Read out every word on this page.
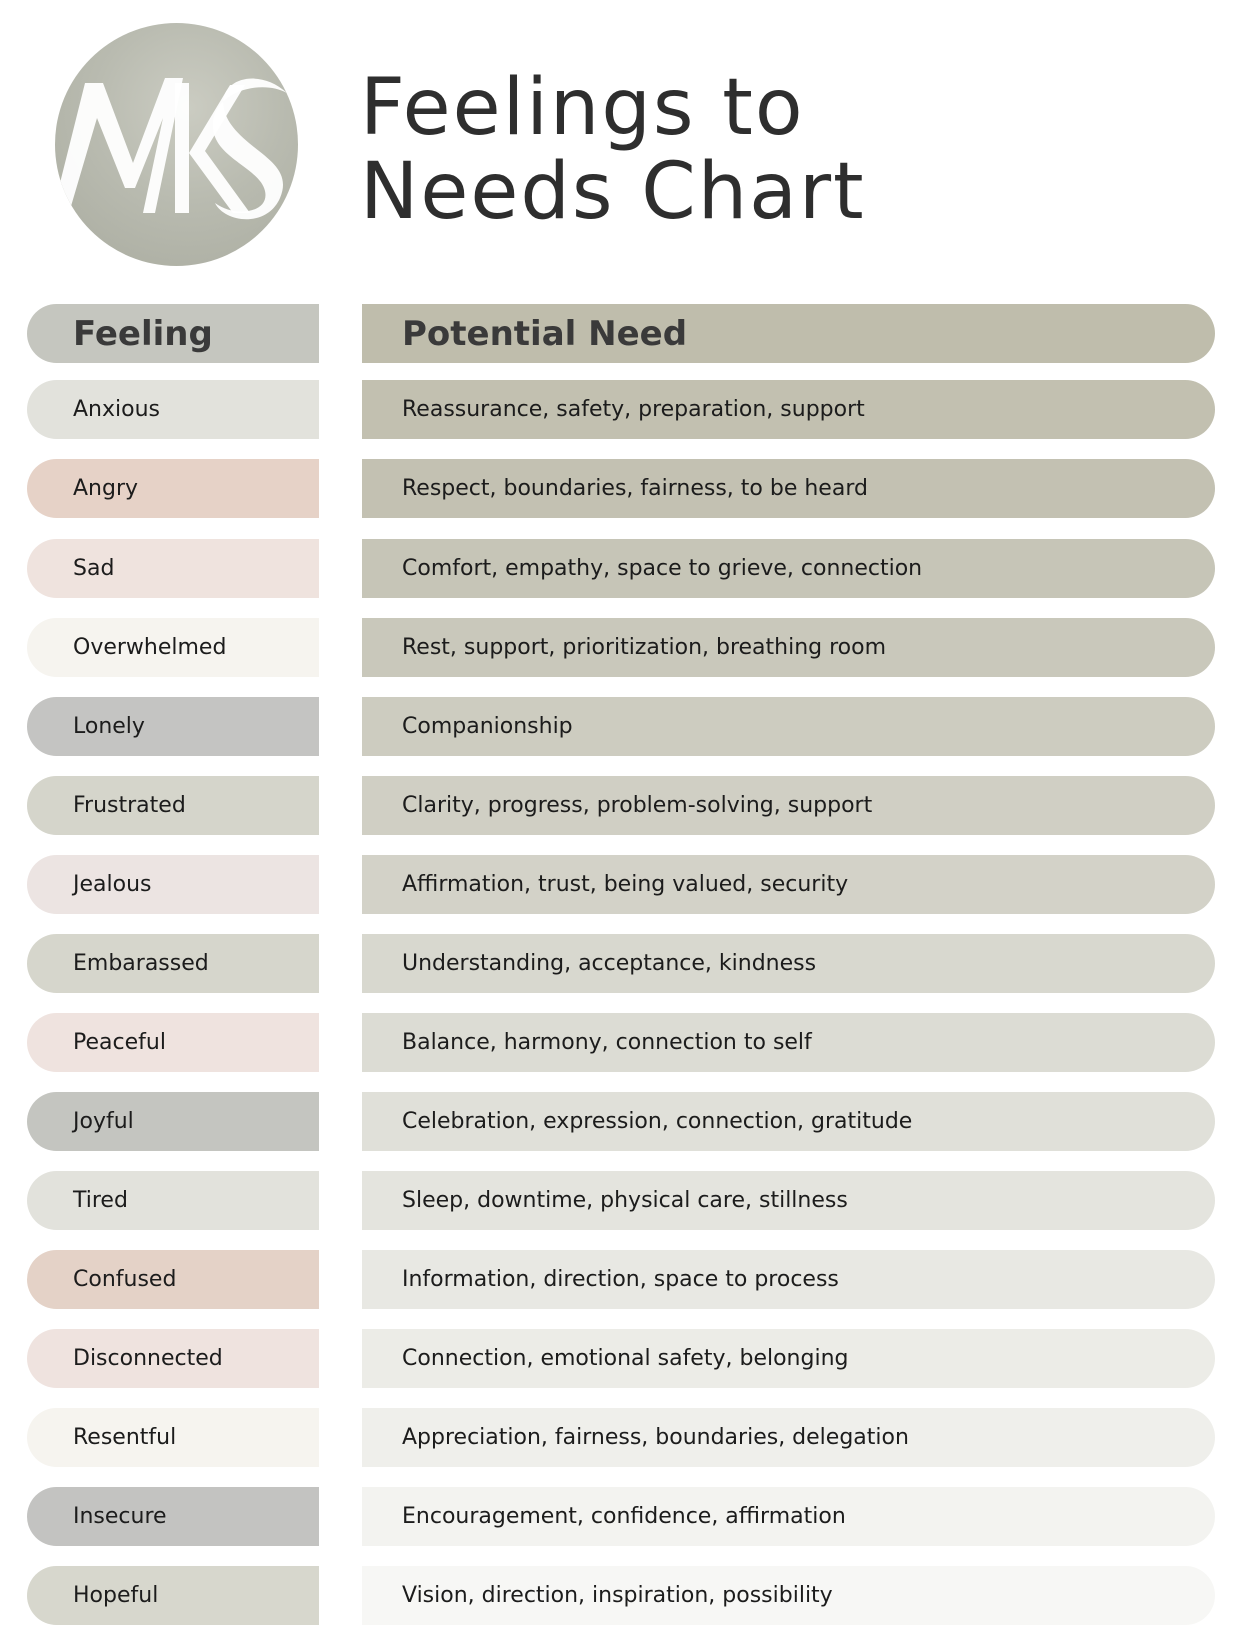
Feelings to
Needs Chart
Feeling	Potential Need
Anxious	Reassurance, safety, preparation, support
Angry	Respect, boundaries, fairness, to be heard
Sad	Comfort, empathy, space to grieve, connection
Overwhelmed	Rest, support, prioritization, breathing room
Lonely	Companionship
Frustrated	Clarity, progress, problem-solving, support
Jealous	Affirmation, trust, being valued, security
Embarassed	Understanding, acceptance, kindness
Peaceful	Balance, harmony, connection to self
Joyful	Celebration, expression, connection, gratitude
Tired	Sleep, downtime, physical care, stillness
Confused	Information, direction, space to process
Disconnected	Connection, emotional safety, belonging
Resentful	Appreciation, fairness, boundaries, delegation
Insecure	Encouragement, confidence, affirmation
Hopeful	Vision, direction, inspiration, possibility
